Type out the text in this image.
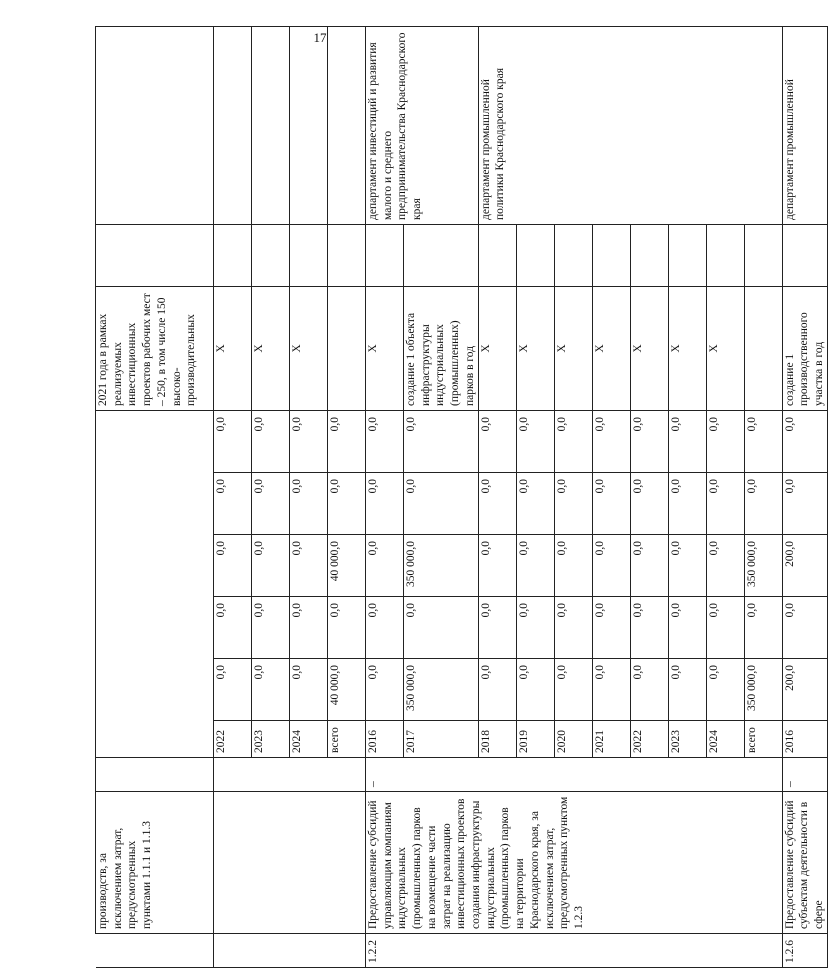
17
	производств, за исключением затрат, предусмотренных пунктами 1.1.1 и 1.1.3								2021 года в рамках реализуемых инвестиционных проектов рабочих мест – 250, в том числе 150 высоко-производительных		
			2022	0,0	0,0	0,0	0,0	0,0	Х		
			2023	0,0	0,0	0,0	0,0	0,0	Х		
			2024	0,0	0,0	0,0	0,0	0,0	Х		
			всего	40 000,0	0,0	40 000,0	0,0	0,0			
1.2.2	Предоставление субсидий управляющим компаниям индустриальных (промышленных) парков на возмещение части затрат на реализацию инвестиционных проектов создания инфраструктуры индустриальных (промышленных) парков на территории Краснодарского края, за исключением затрат, предусмотренных пунктом 1.2.3	–	2016	0,0	0,0	0,0	0,0	0,0	Х		департамент инвестиций и развития малого и среднего предпринимательства Краснодарского края
			2017	350 000,0	0,0	350 000,0	0,0	0,0	создание 1 объекта инфраструктуры индустриальных (промышленных) парков в год		
			2018	0,0	0,0	0,0	0,0	0,0	Х		департамент промышленной политики Краснодарского края
			2019	0,0	0,0	0,0	0,0	0,0	Х		
			2020	0,0	0,0	0,0	0,0	0,0	Х		
			2021	0,0	0,0	0,0	0,0	0,0	Х		
			2022	0,0	0,0	0,0	0,0	0,0	Х		
			2023	0,0	0,0	0,0	0,0	0,0	Х		
			2024	0,0	0,0	0,0	0,0	0,0	Х		
			всего	350 000,0	0,0	350 000,0	0,0	0,0			
1.2.6	Предоставление субсидий субъектам деятельности в сфере	–	2016	200,0	0,0	200,0	0,0	0,0	создание 1 производственного участка в год		департамент промышленной
